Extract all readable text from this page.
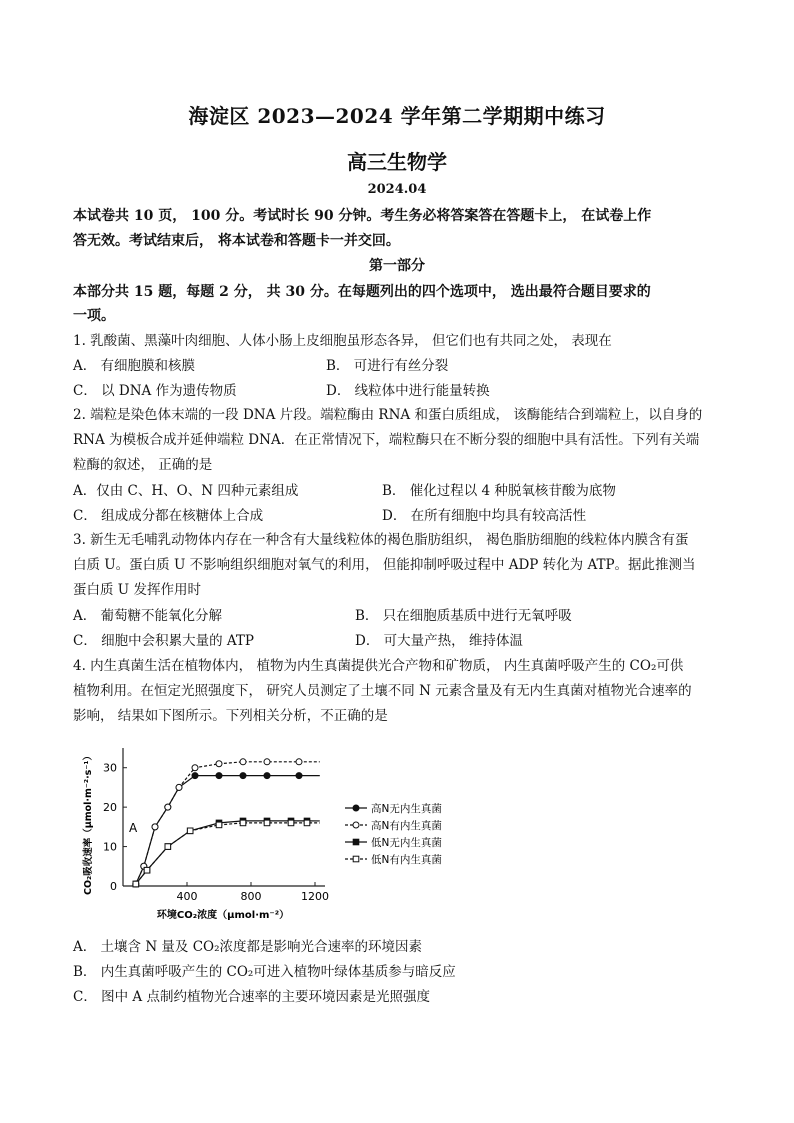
海淀区 2023—2024 学年第二学期期中练习
高三生物学
2024.04
本试卷共 10 页， 100 分。考试时长 90 分钟。考生务必将答案答在答题卡上， 在试卷上作
答无效。考试结束后， 将本试卷和答题卡一并交回。
第一部分
本部分共 15 题，每题 2 分， 共 30 分。在每题列出的四个选项中， 选出最符合题目要求的
一项。
1. 乳酸菌、黑藻叶肉细胞、人体小肠上皮细胞虽形态各异， 但它们也有共同之处， 表现在
A． 有细胞膜和核膜	B． 可进行有丝分裂
C． 以 DNA 作为遗传物质	D． 线粒体中进行能量转换
2. 端粒是染色体末端的一段 DNA 片段。端粒酶由 RNA 和蛋白质组成， 该酶能结合到端粒上，以自身的
RNA 为模板合成并延伸端粒 DNA．在正常情况下，端粒酶只在不断分裂的细胞中具有活性。下列有关端
粒酶的叙述， 正确的是
A．仅由 C、H、O、N 四种元素组成	B． 催化过程以 4 种脱氧核苷酸为底物
C． 组成成分都在核糖体上合成	D． 在所有细胞中均具有较高活性
3. 新生无毛哺乳动物体内存在一种含有大量线粒体的褐色脂肪组织， 褐色脂肪细胞的线粒体内膜含有蛋
白质 U。蛋白质 U 不影响组织细胞对氧气的利用， 但能抑制呼吸过程中 ADP 转化为 ATP。据此推测当
蛋白质 U 发挥作用时
A． 葡萄糖不能氧化分解	B． 只在细胞质基质中进行无氧呼吸
C． 细胞中会积累大量的 ATP	D． 可大量产热， 维持体温
4. 内生真菌生活在植物体内， 植物为内生真菌提供光合产物和矿物质， 内生真菌呼吸产生的 CO₂可供
植物利用。在恒定光照强度下， 研究人员测定了土壤不同 N 元素含量及有无内生真菌对植物光合速率的
影响， 结果如下图所示。下列相关分析，不正确的是
0
10
20
30
400	800	1200
A
环境CO₂浓度（μmol·m⁻²）
CO₂吸收速率（μmol·m⁻²·s⁻¹）	高N无内生真菌
高N有内生真菌
低N无内生真菌
低N有内生真菌
A． 土壤含 N 量及 CO₂浓度都是影响光合速率的环境因素
B． 内生真菌呼吸产生的 CO₂可进入植物叶绿体基质参与暗反应
C． 图中 A 点制约植物光合速率的主要环境因素是光照强度
